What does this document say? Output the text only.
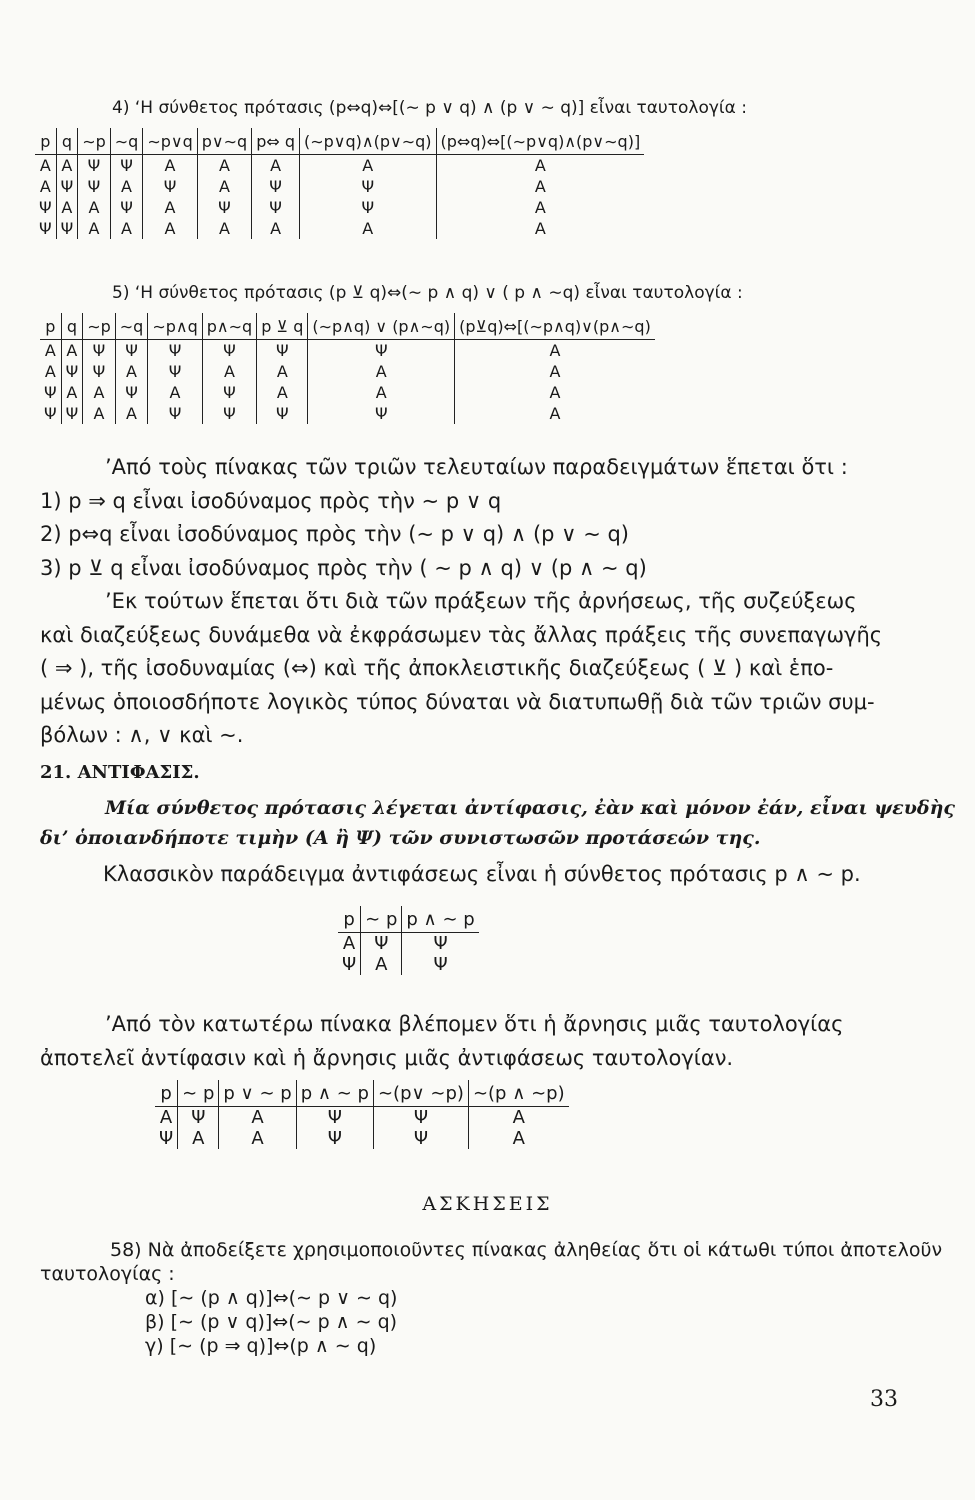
4) ‘Η σύνθετος πρότασις (p⇔q)⇔[(∼ p ∨ q) ∧ (p ∨ ∼ q)] εἶναι ταυτολογία :
p	q	∼p	∼q	∼p∨q	p∨∼q	p⇔ q	(∼p∨q)∧(p∨∼q)	(p⇔q)⇔[(∼p∨q)∧(p∨∼q)]
Α	Α	Ψ	Ψ	Α	Α	Α	Α	Α
Α	Ψ	Ψ	Α	Ψ	Α	Ψ	Ψ	Α
Ψ	Α	Α	Ψ	Α	Ψ	Ψ	Ψ	Α
Ψ	Ψ	Α	Α	Α	Α	Α	Α	Α
5) ‘Η σύνθετος πρότασις (p ⊻ q)⇔(∼ p ∧ q) ∨ ( p ∧ ∼q) εἶναι ταυτολογία :
p	q	∼p	∼q	∼p∧q	p∧∼q	p ⊻ q	(∼p∧q) ∨ (p∧∼q)	(p⊻q)⇔[(∼p∧q)∨(p∧∼q)
Α	Α	Ψ	Ψ	Ψ	Ψ	Ψ	Ψ	Α
Α	Ψ	Ψ	Α	Ψ	Α	Α	Α	Α
Ψ	Α	Α	Ψ	Α	Ψ	Α	Α	Α
Ψ	Ψ	Α	Α	Ψ	Ψ	Ψ	Ψ	Α
’Από τοὺς πίνακας τῶν τριῶν τελευταίων παραδειγμάτων ἕπεται ὅτι :
1) p ⇒ q εἶναι ἰσοδύναμος πρὸς τὴν ∼ p ∨ q
2) p⇔q εἶναι ἰσοδύναμος πρὸς τὴν (∼ p ∨ q) ∧ (p ∨ ∼ q)
3) p ⊻ q εἶναι ἰσοδύναμος πρὸς τὴν ( ∼ p ∧ q) ∨ (p ∧ ∼ q)
’Εκ τούτων ἕπεται ὅτι διὰ τῶν πράξεων τῆς ἀρνήσεως, τῆς συζεύξεως
καὶ διαζεύξεως δυνάμεθα νὰ ἐκφράσωμεν τὰς ἄλλας πράξεις τῆς συνεπαγωγῆς
( ⇒ ), τῆς ἰσοδυναμίας (⇔) καὶ τῆς ἀποκλειστικῆς διαζεύξεως ( ⊻ ) καὶ ἑπο-
μένως ὁποιοσδήποτε λογικὸς τύπος δύναται νὰ διατυπωθῇ διὰ τῶν τριῶν συμ-
βόλων : ∧, ∨ καὶ ∼.
21. ΑΝΤΙΦΑΣΙΣ.
Μία σύνθετος πρότασις λέγεται ἀντίφασις, ἐὰν καὶ μόνον ἐάν, εἶναι ψευδὴς
δι’ ὁποιανδήποτε τιμὴν (Α ἢ Ψ) τῶν συνιστωσῶν προτάσεών της.
Κλασσικὸν παράδειγμα ἀντιφάσεως εἶναι ἡ σύνθετος πρότασις p ∧ ∼ p.
p	∼ p	p ∧ ∼ p
Α	Ψ	Ψ
Ψ	Α	Ψ
’Από τὸν κατωτέρω πίνακα βλέπομεν ὅτι ἡ ἄρνησις μιᾶς ταυτολογίας
ἀποτελεῖ ἀντίφασιν καὶ ἡ ἄρνησις μιᾶς ἀντιφάσεως ταυτολογίαν.
p	∼ p	p ∨ ∼ p	p ∧ ∼ p	∼(p∨ ∼p)	∼(p ∧ ∼p)
Α	Ψ	Α	Ψ	Ψ	Α
Ψ	Α	Α	Ψ	Ψ	Α
ΑΣΚΗΣΕΙΣ
58) Νὰ ἀποδείξετε χρησιμοποιοῦντες πίνακας ἀληθείας ὅτι οἱ κάτωθι τύποι ἀποτελοῦν
ταυτολογίας :
α) [∼ (p ∧ q)]⇔(∼ p ∨ ∼ q)
β) [∼ (p ∨ q)]⇔(∼ p ∧ ∼ q)
γ) [∼ (p ⇒ q)]⇔(p ∧ ∼ q)
33
